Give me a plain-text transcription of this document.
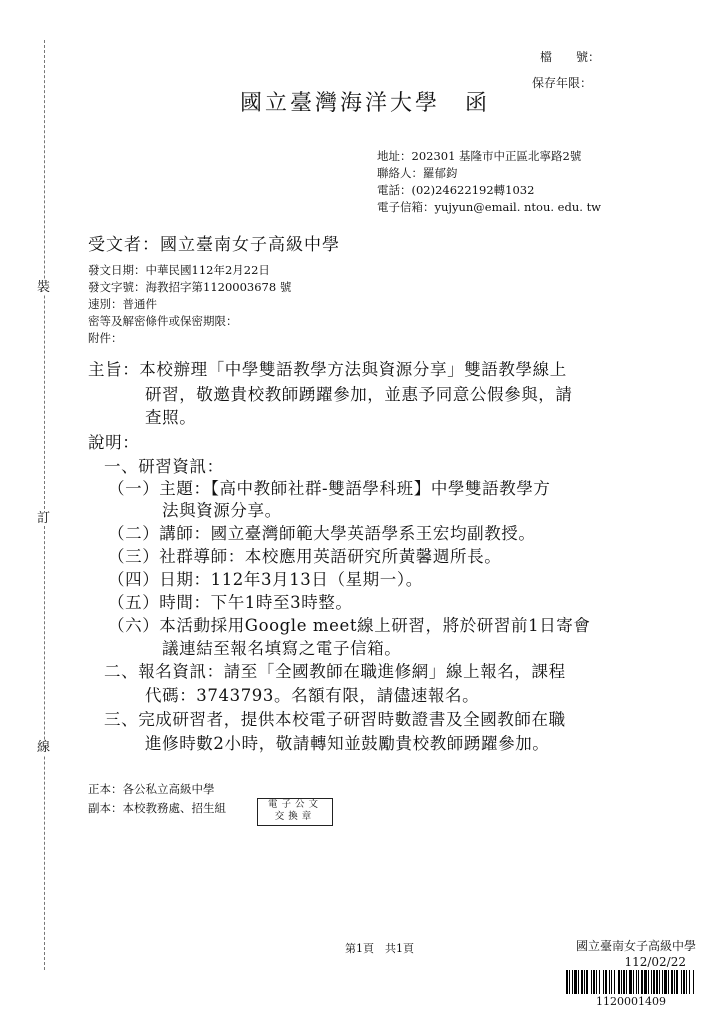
裝
訂
線
檔　　號：
保存年限：
國立臺灣海洋大學　函
地址：202301 基隆市中正區北寧路2號
聯絡人：羅郁鈞
電話：(02)24622192轉1032
電子信箱：yujyun@email. ntou. edu. tw
受文者：國立臺南女子高級中學
發文日期：中華民國112年2月22日
發文字號：海教招字第1120003678 號
速別：普通件
密等及解密條件或保密期限：
附件：
主旨：本校辦理「中學雙語教學方法與資源分享」雙語教學線上
研習，敬邀貴校教師踴躍參加，並惠予同意公假參與，請
查照。
說明：
一、研習資訊：
（一）主題：【高中教師社群-雙語學科班】中學雙語教學方
法與資源分享。
（二）講師：國立臺灣師範大學英語學系王宏均副教授。
（三）社群導師：本校應用英語研究所黃馨週所長。
（四）日期：112年3月13日（星期一）。
（五）時間：下午1時至3時整。
（六）本活動採用Google meet線上研習，將於研習前1日寄會
議連結至報名填寫之電子信箱。
二、報名資訊：請至「全國教師在職進修網」線上報名，課程
代碼：3743793。名額有限，請儘速報名。
三、完成研習者，提供本校電子研習時數證書及全國教師在職
進修時數2小時，敬請轉知並鼓勵貴校教師踴躍參加。
正本：各公私立高級中學
副本：本校教務處、招生組	電子公文
交換章
第1頁　共1頁	國立臺南女子高級中學
112/02/22
1120001409
